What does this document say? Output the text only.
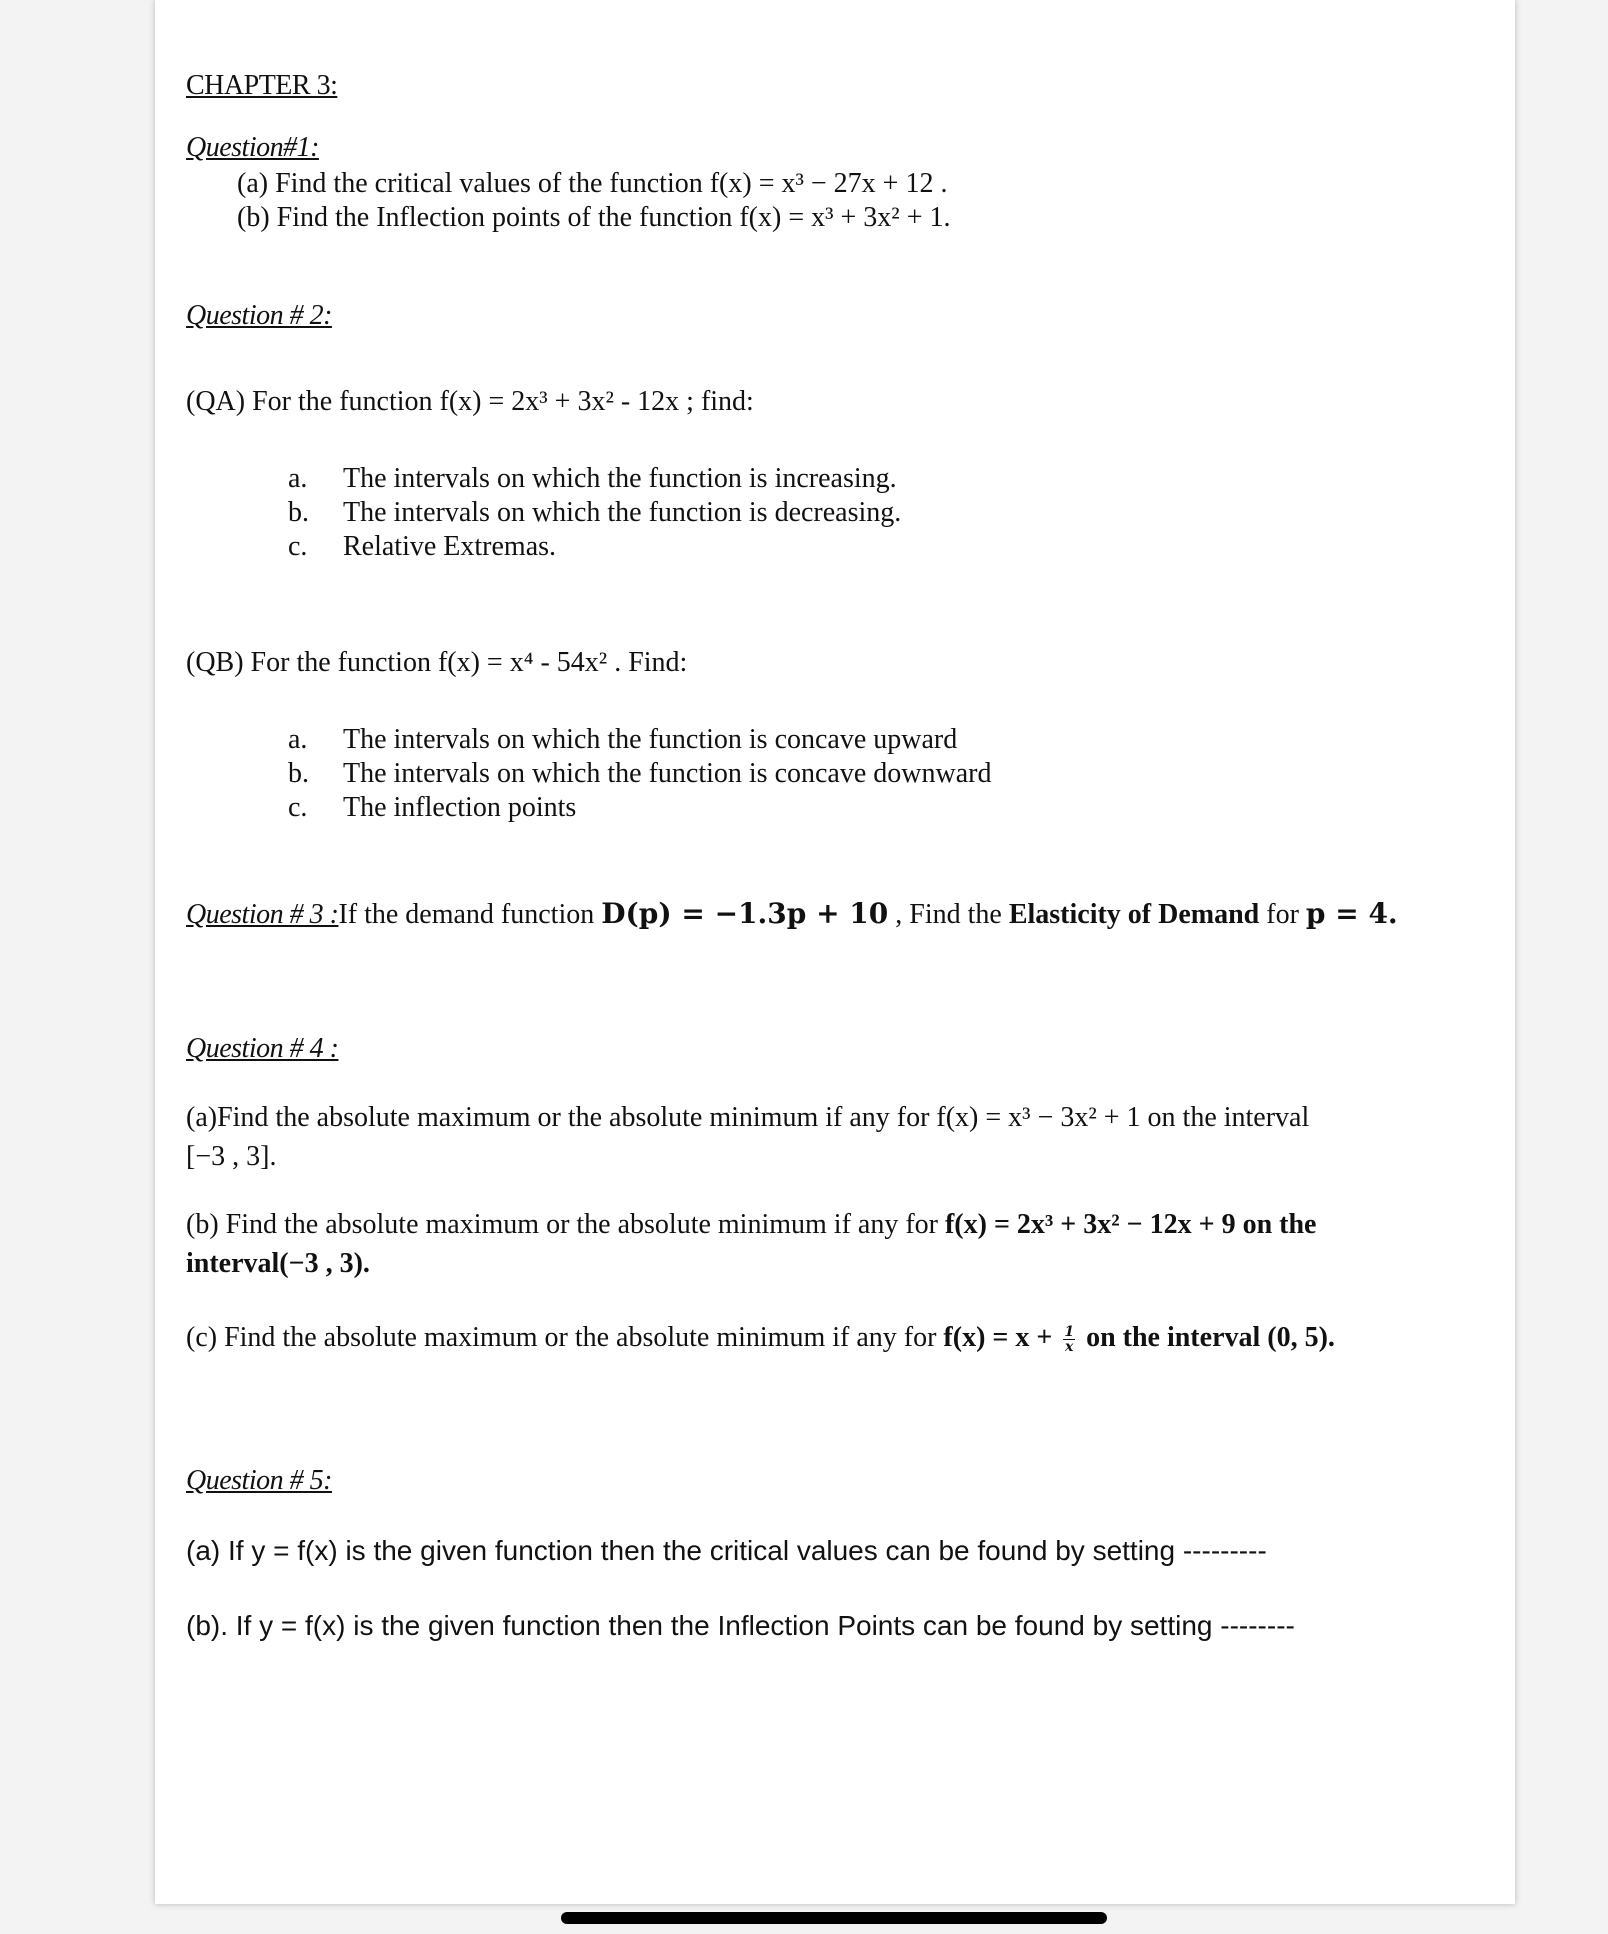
CHAPTER 3:
Question#1:
(a) Find the critical values of the function f(x) = x³ − 27x + 12 .
(b) Find the Inflection points of the function f(x) = x³ + 3x² + 1.
Question # 2:
(QA) For the function f(x) = 2x³ + 3x² - 12x ; find:
a. The intervals on which the function is increasing.
b. The intervals on which the function is decreasing.
c. Relative Extremas.
(QB) For the function f(x) = x⁴ - 54x² . Find:
a. The intervals on which the function is concave upward
b. The intervals on which the function is concave downward
c. The inflection points
Question # 3 :If the demand function D(p) = −1.3p + 10 , Find the Elasticity of Demand for p = 4.
Question # 4 :
(a)Find the absolute maximum or the absolute minimum if any for f(x) = x³ − 3x² + 1 on the interval
[−3 , 3].
(b) Find the absolute maximum or the absolute minimum if any for f(x) = 2x³ + 3x² − 12x + 9 on the
interval(−3 , 3).
(c) Find the absolute maximum or the absolute minimum if any for $f(x) = x + \frac{1}{x}$ on the interval (0, 5).
Question # 5:
(a) If y = f(x) is the given function then the critical values can be found by setting ---------
(b). If y = f(x) is the given function then the Inflection Points can be found by setting --------
